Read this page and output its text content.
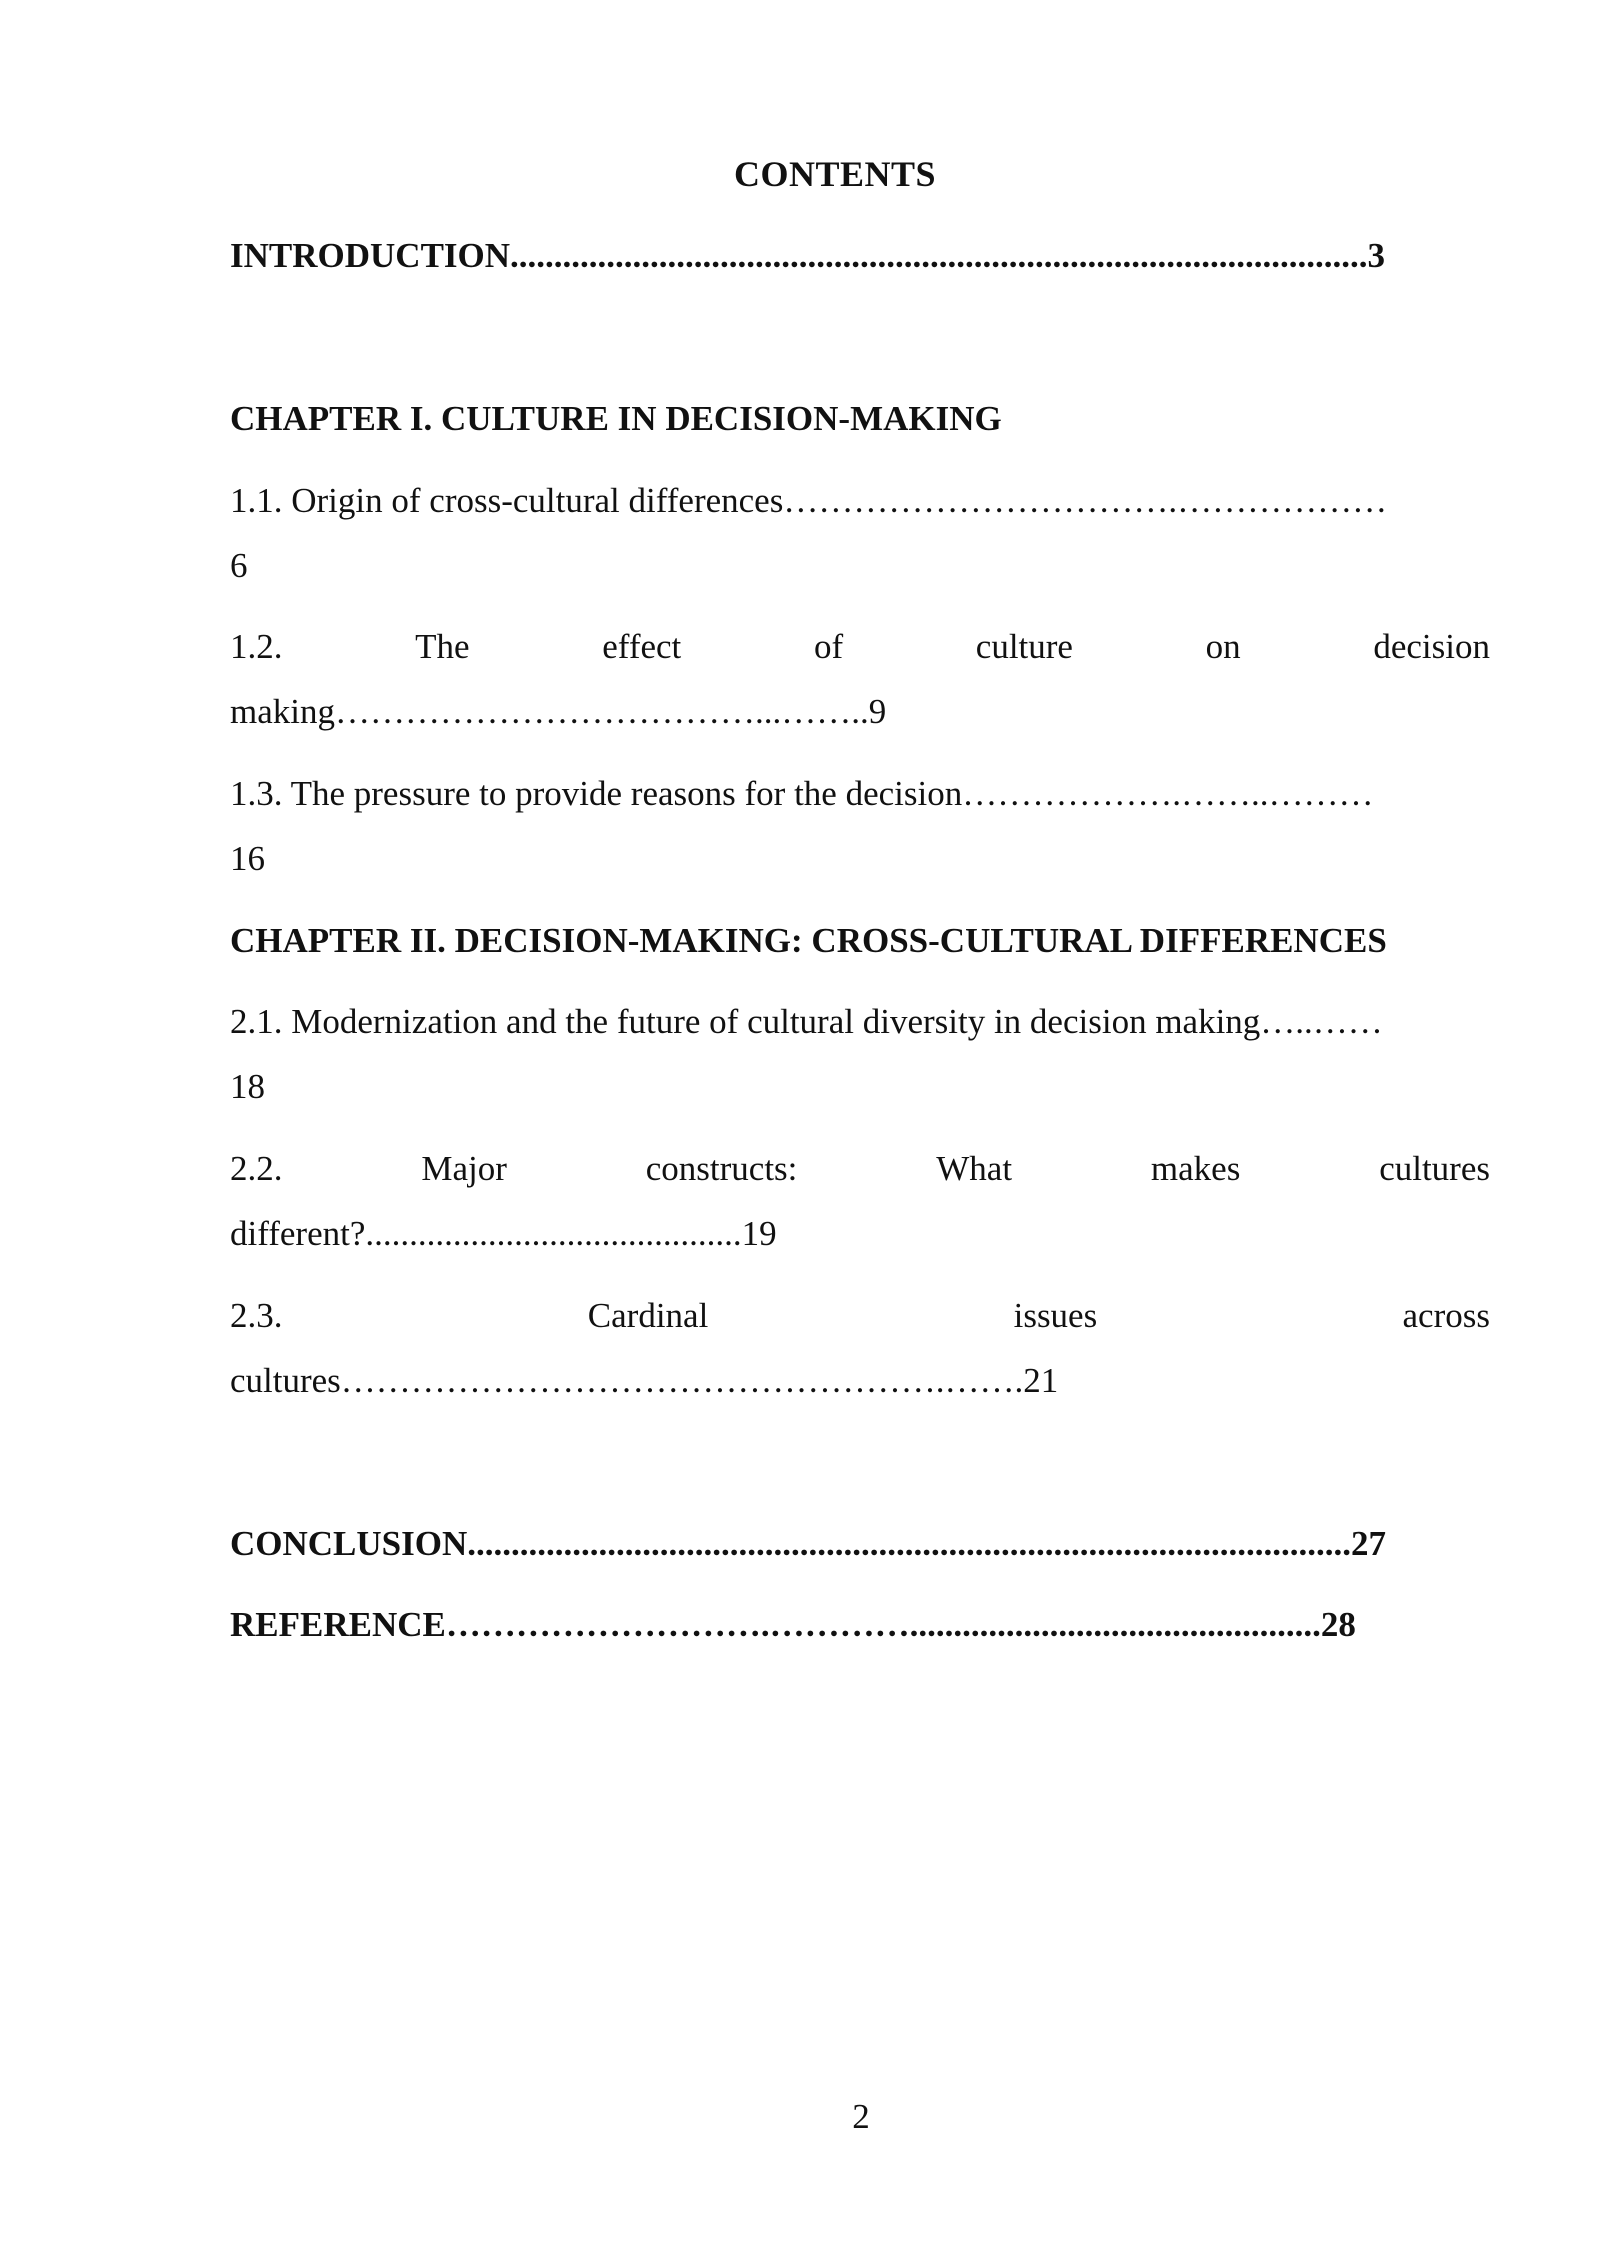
CONTENTS
INTRODUCTION..................................................................................................3
CHAPTER I. CULTURE IN DECISION-MAKING
1.1. Origin of cross-cultural differences…………………………….………………
6
1.2.	The	effect	of	culture	on	decision
making………………………………...……..9
1.3. The pressure to provide reasons for the decision……………….……..………
16
CHAPTER II. DECISION-MAKING: CROSS-CULTURAL DIFFERENCES
2.1. Modernization and the future of cultural diversity in decision making…..……
18
2.2.	Major	constructs:	What	makes	cultures
different?...........................................19
2.3.	Cardinal	issues	across
cultures…………………………………………….…….21
CONCLUSION.....................................................................................................27
REFERENCE……………………….…………...............................................28
2
